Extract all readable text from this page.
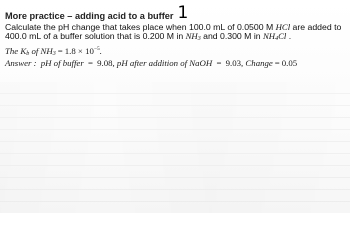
More practice – adding acid to a buffer 1
Calculate the pH change that takes place when 100.0 mL of 0.0500 M HCl are added to 400.0 mL of a buffer solution that is 0.200 M in NH3 and 0.300 M in NH4Cl .
The Kb of $NH3 = 1.8 \times 10^{-5}$.
Answer : pH of buffer = 9.08, pH after addition of NaOH = 9.03, Change = 0.05
